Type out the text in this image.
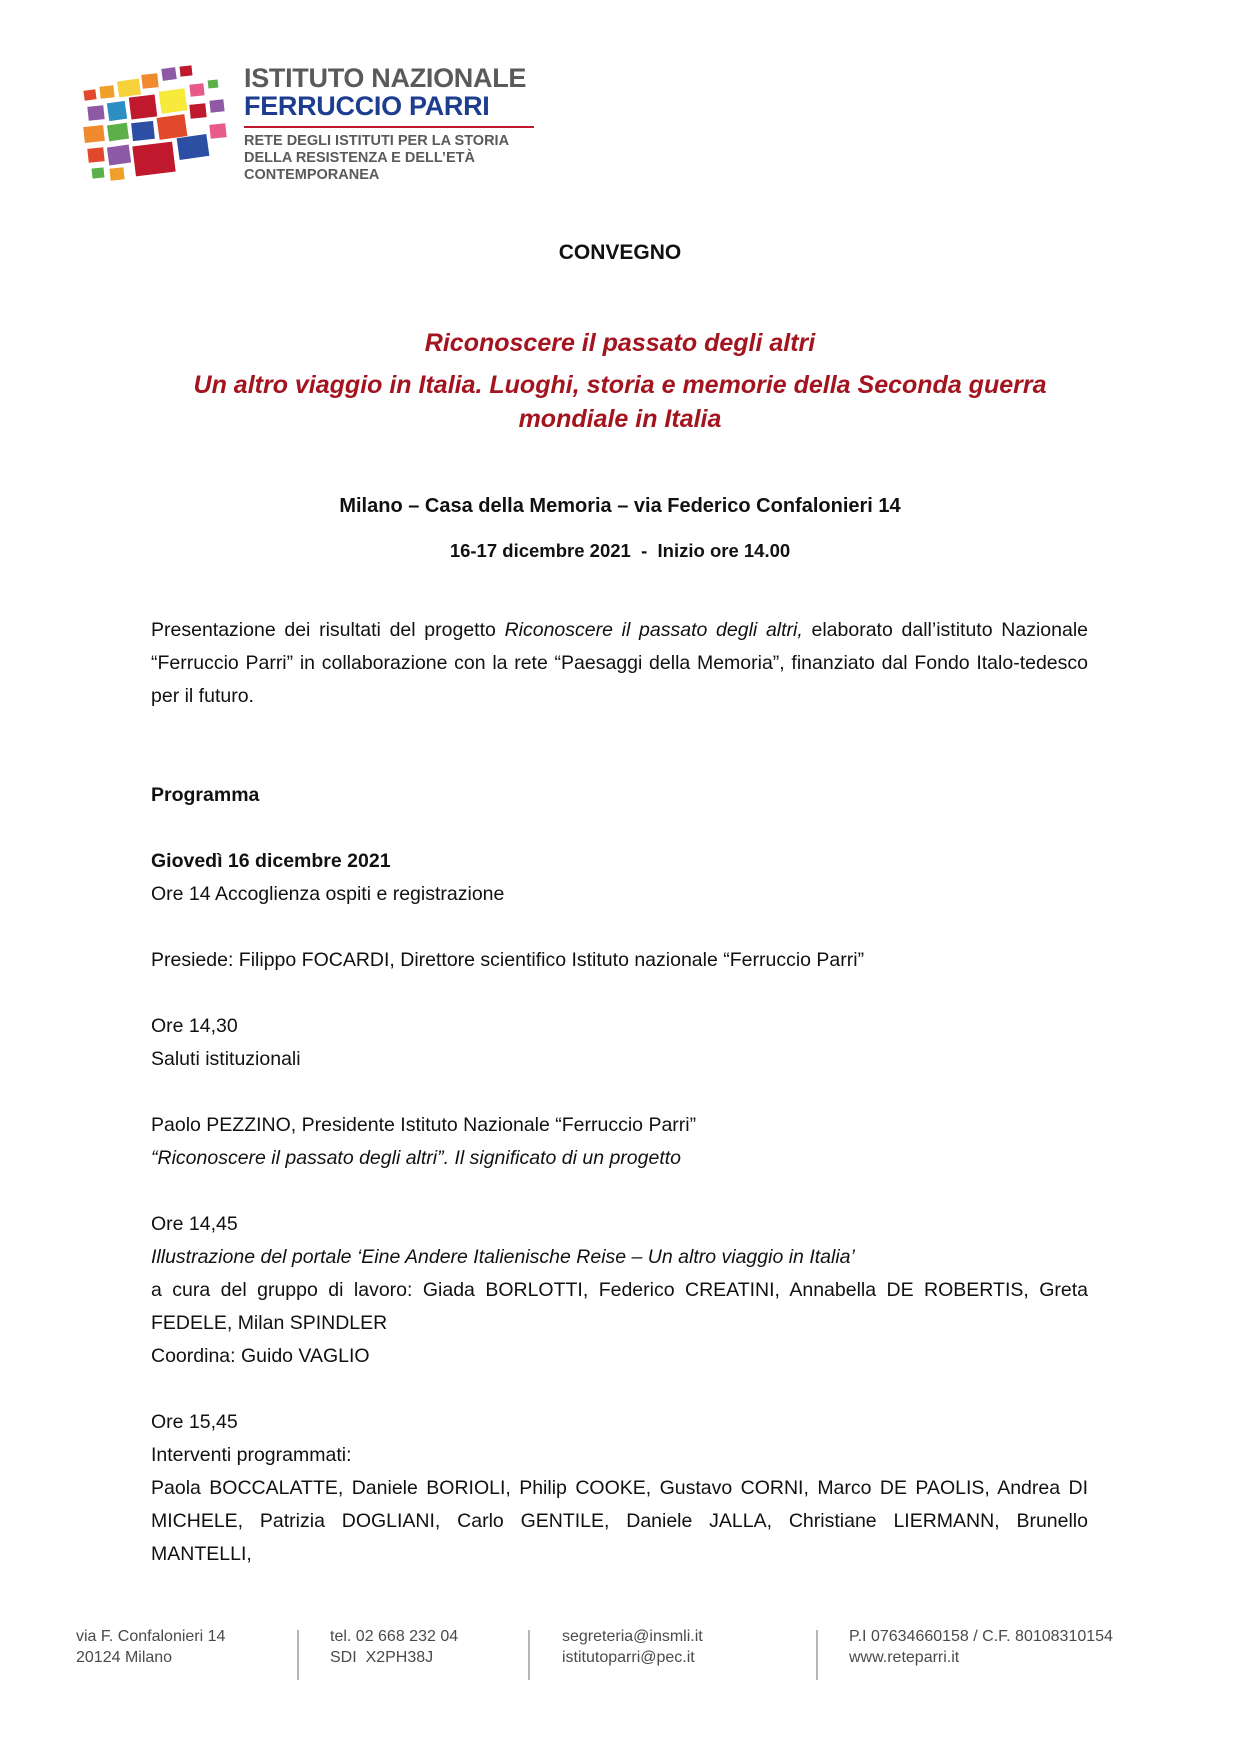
ISTITUTO NAZIONALE
FERRUCCIO PARRI
RETE DEGLI ISTITUTI PER LA STORIA
DELLA RESISTENZA E DELL’ETÀ
CONTEMPORANEA
CONVEGNO
Riconoscere il passato degli altri
Un altro viaggio in Italia. Luoghi, storia e memorie della Seconda guerra
mondiale in Italia
Milano – Casa della Memoria – via Federico Confalonieri 14
16-17 dicembre 2021  -  Inizio ore 14.00
Presentazione dei risultati del progetto Riconoscere il passato degli altri, elaborato dall’istituto Nazionale “Ferruccio Parri” in collaborazione con la rete “Paesaggi della Memoria”, finanziato dal Fondo Italo-tedesco per il futuro.
Programma
Giovedì 16 dicembre 2021
Ore 14 Accoglienza ospiti e registrazione
Presiede: Filippo FOCARDI, Direttore scientifico Istituto nazionale “Ferruccio Parri”
Ore 14,30
Saluti istituzionali
Paolo PEZZINO, Presidente Istituto Nazionale “Ferruccio Parri”
“Riconoscere il passato degli altri”. Il significato di un progetto
Ore 14,45
Illustrazione del portale ‘Eine Andere Italienische Reise – Un altro viaggio in Italia’
a cura del gruppo di lavoro: Giada BORLOTTI, Federico CREATINI, Annabella DE ROBERTIS, Greta
FEDELE, Milan SPINDLER
Coordina: Guido VAGLIO
Ore 15,45
Interventi programmati:
Paola BOCCALATTE, Daniele BORIOLI, Philip COOKE, Gustavo CORNI, Marco DE PAOLIS, Andrea DI
MICHELE, Patrizia DOGLIANI, Carlo GENTILE, Daniele JALLA, Christiane LIERMANN, Brunello MANTELLI,
via F. Confalonieri 14
20124 Milano
tel. 02 668 232 04
SDI  X2PH38J
segreteria@insmli.it
istitutoparri@pec.it
P.I 07634660158 / C.F. 80108310154
www.reteparri.it
